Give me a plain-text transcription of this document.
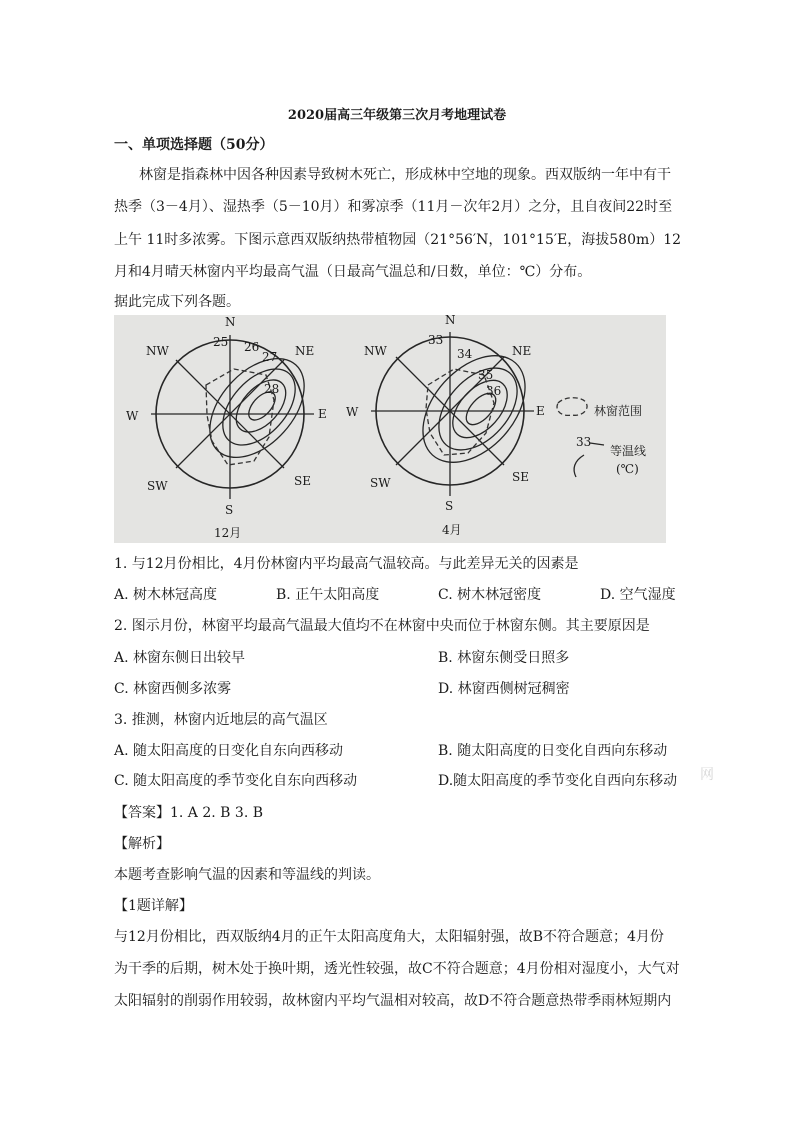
2020届高三年级第三次月考地理试卷
一、单项选择题（50分）
林窗是指森林中因各种因素导致树木死亡，形成林中空地的现象。西双版纳一年中有干
热季（3－4月）、湿热季（5－10月）和雾凉季（11月－次年2月）之分，且自夜间22时至
上午 11时多浓雾。下图示意西双版纳热带植物园（21°56′N，101°15′E，海拔580m）12
月和4月晴天林窗内平均最高气温（日最高气温总和/日数，单位：℃）分布。
据此完成下列各题。
N
NE
E
SE
S
SW
W
NW
25 26
27
28
12月
N
NE
E
SE
S
SW
W
NW
33
34
35
36
4月
林窗范围
33
等温线
(℃)
1. 与12月份相比，4月份林窗内平均最高气温较高。与此差异无关的因素是
A. 树木林冠高度	B. 正午太阳高度	C. 树木林冠密度	D. 空气湿度
2. 图示月份，林窗平均最高气温最大值均不在林窗中央而位于林窗东侧。其主要原因是
A. 林窗东侧日出较早	B. 林窗东侧受日照多
C. 林窗西侧多浓雾	D. 林窗西侧树冠稠密
3. 推测，林窗内近地层的高气温区
A. 随太阳高度的日变化自东向西移动	B. 随太阳高度的日变化自西向东移动
C. 随太阳高度的季节变化自东向西移动	D.随太阳高度的季节变化自西向东移动 网
【答案】1. A 2. B 3. B
【解析】
本题考查影响气温的因素和等温线的判读。
【1题详解】
与12月份相比，西双版纳4月的正午太阳高度角大，太阳辐射强，故B不符合题意；4月份
为干季的后期，树木处于换叶期，透光性较强，故C不符合题意；4月份相对湿度小，大气对
太阳辐射的削弱作用较弱，故林窗内平均气温相对较高，故D不符合题意热带季雨林短期内
